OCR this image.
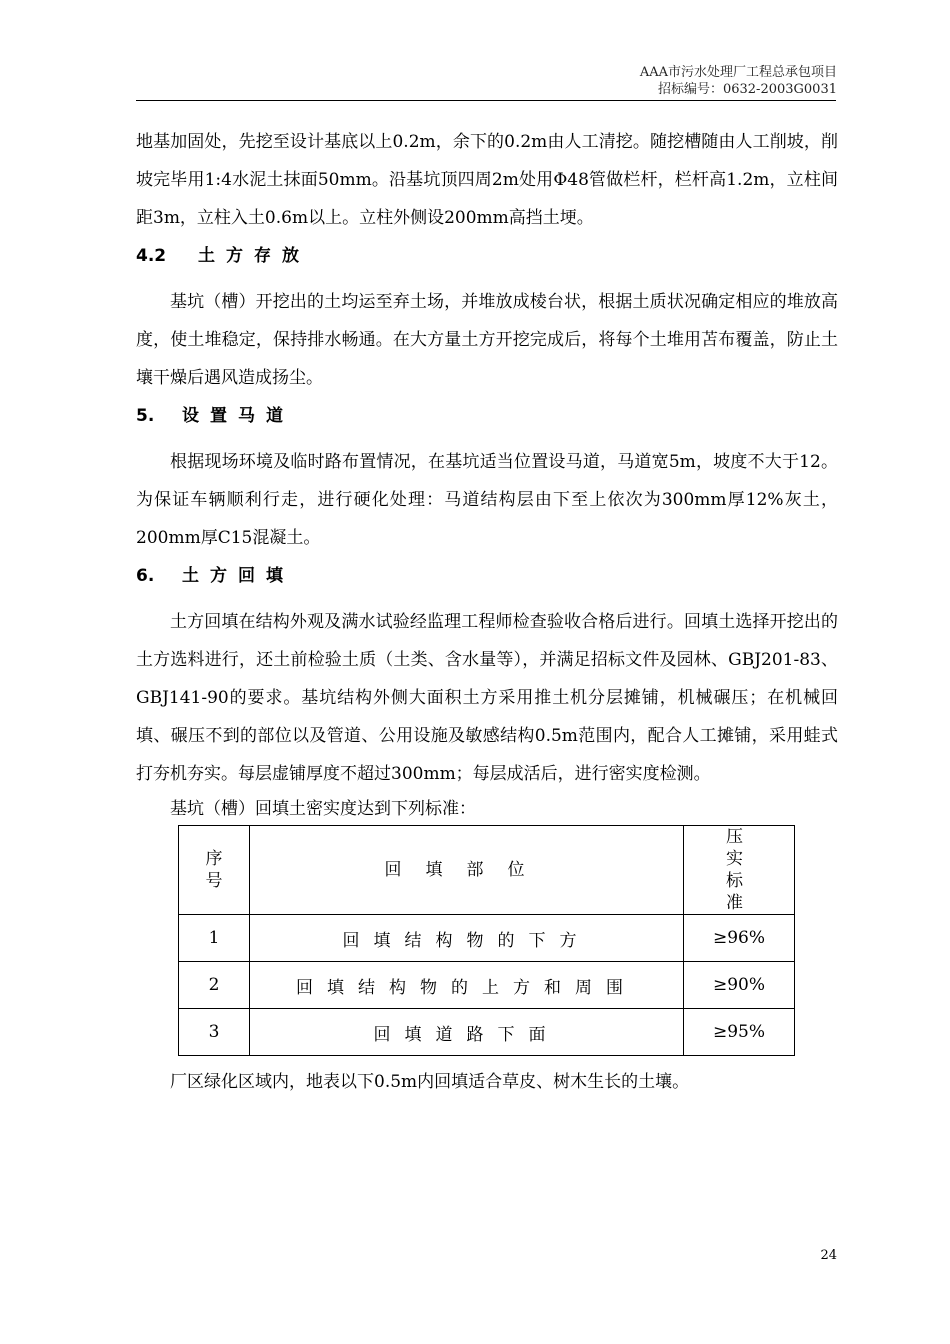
AAA市污水处理厂工程总承包项目
招标编号：0632-2003G0031

地基加固处，先挖至设计基底以上0.2m，余下的0.2m由人工清挖。随挖槽随由人工削坡，削坡完毕用1:4水泥土抹面50mm。沿基坑顶四周2m处用Φ48管做栏杆，栏杆高1.2m，立柱间距3m，立柱入土0.6m以上。立柱外侧设200mm高挡土埂。

4.2 土方存放

基坑（槽）开挖出的土均运至弃土场，并堆放成棱台状，根据土质状况确定相应的堆放高度，使土堆稳定，保持排水畅通。在大方量土方开挖完成后，将每个土堆用苫布覆盖，防止土壤干燥后遇风造成扬尘。

5. 设置马道

根据现场环境及临时路布置情况，在基坑适当位置设马道，马道宽5m，坡度不大于12。为保证车辆顺利行走，进行硬化处理：马道结构层由下至上依次为300mm厚12%灰土，200mm厚C15混凝土。

6. 土方回填

土方回填在结构外观及满水试验经监理工程师检查验收合格后进行。回填土选择开挖出的土方选料进行，还土前检验土质（土类、含水量等），并满足招标文件及园林、GBJ201-83、GBJ141-90的要求。基坑结构外侧大面积土方采用推土机分层摊铺，机械碾压；在机械回填、碾压不到的部位以及管道、公用设施及敏感结构0.5m范围内，配合人工摊铺，采用蛙式打夯机夯实。每层虚铺厚度不超过300mm；每层成活后，进行密实度检测。

基坑（槽）回填土密实度达到下列标准：
序
号	回填部位	压实
标准
1	回填结构物的下方	≥96%
2	回填结构物的上方和周围	≥90%
3	回填道路下面	≥95%
厂区绿化区域内，地表以下0.5m内回填适合草皮、树木生长的土壤。
24
